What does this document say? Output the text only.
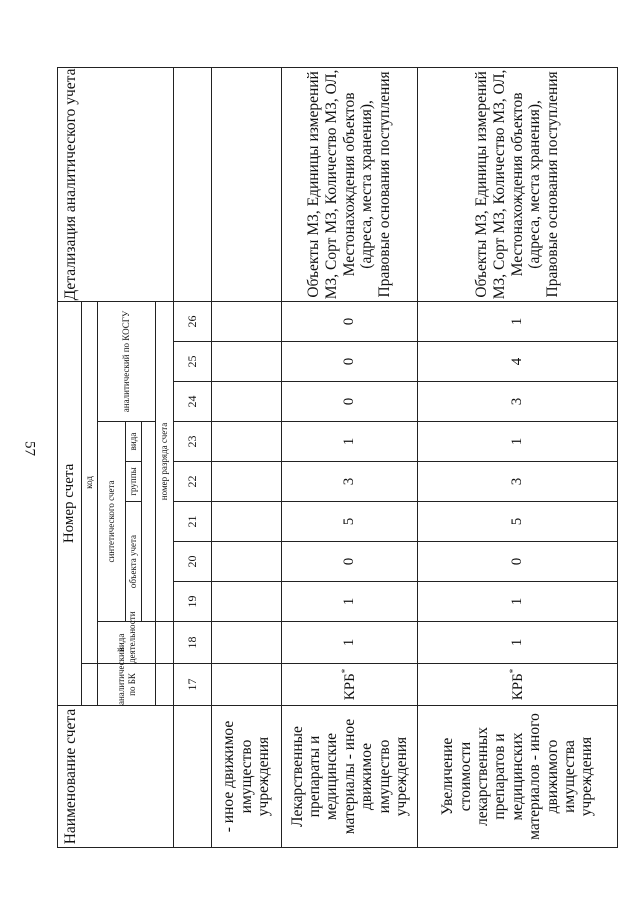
57
Наименование счета	Номер счета										Детализация аналитического учета
		код									
	аналитический по БК	вида деятельности	синтетического счета					аналитический по КОСГУ			
			объекта учета			группы	вида				

			номер разряда счета								
	17	18	19	20	21	22	23	24	25	26	
- иное движимое имущество учреждения											
Лекарственные препараты и медицинские материалы - иное движимое имущество учреждения	КРБ*	1	1	0	5	3	1	0	0	0	Объекты МЗ, Единицы измерений МЗ, Сорт МЗ, Количество МЗ, ОЛ, Местонахождения объектов (адреса, места хранения), Правовые основания поступления
Увеличение стоимости лекарственных препаратов и медицинских материалов - иного движимого имущества учреждения	КРБ*	1	1	0	5	3	1	3	4	1	Объекты МЗ, Единицы измерений МЗ, Сорт МЗ, Количество МЗ, ОЛ, Местонахождения объектов (адреса, места хранения), Правовые основания поступления
